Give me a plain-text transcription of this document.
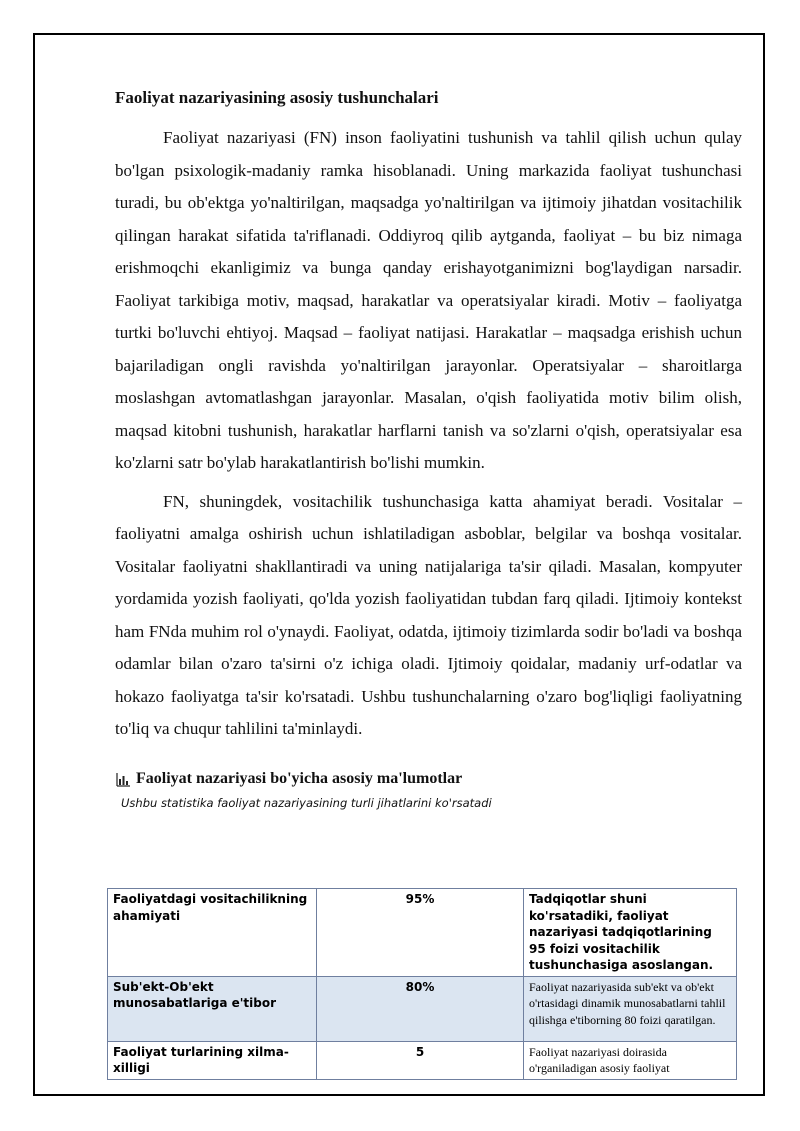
Faoliyat nazariyasining asosiy tushunchalari

Faoliyat nazariyasi (FN) inson faoliyatini tushunish va tahlil qilish uchun qulay bo'lgan psixologik-madaniy ramka hisoblanadi. Uning markazida faoliyat tushunchasi turadi, bu ob'ektga yo'naltirilgan, maqsadga yo'naltirilgan va ijtimoiy jihatdan vositachilik qilingan harakat sifatida ta'riflanadi. Oddiyroq qilib aytganda, faoliyat – bu biz nimaga erishmoqchi ekanligimiz va bunga qanday erishayotganimizni bog'laydigan narsadir. Faoliyat tarkibiga motiv, maqsad, harakatlar va operatsiyalar kiradi. Motiv – faoliyatga turtki bo'luvchi ehtiyoj. Maqsad – faoliyat natijasi. Harakatlar – maqsadga erishish uchun bajariladigan ongli ravishda yo'naltirilgan jarayonlar. Operatsiyalar – sharoitlarga moslashgan avtomatlashgan jarayonlar. Masalan, o'qish faoliyatida motiv bilim olish, maqsad kitobni tushunish, harakatlar harflarni tanish va so'zlarni o'qish, operatsiyalar esa ko'zlarni satr bo'ylab harakatlantirish bo'lishi mumkin.

FN, shuningdek, vositachilik tushunchasiga katta ahamiyat beradi. Vositalar – faoliyatni amalga oshirish uchun ishlatiladigan asboblar, belgilar va boshqa vositalar. Vositalar faoliyatni shakllantiradi va uning natijalariga ta'sir qiladi. Masalan, kompyuter yordamida yozish faoliyati, qo'lda yozish faoliyatidan tubdan farq qiladi. Ijtimoiy kontekst ham FNda muhim rol o'ynaydi. Faoliyat, odatda, ijtimoiy tizimlarda sodir bo'ladi va boshqa odamlar bilan o'zaro ta'sirni o'z ichiga oladi. Ijtimoiy qoidalar, madaniy urf-odatlar va hokazo faoliyatga ta'sir ko'rsatadi. Ushbu tushunchalarning o'zaro bog'liqligi faoliyatning to'liq va chuqur tahlilini ta'minlaydi.

Faoliyat nazariyasi bo'yicha asosiy ma'lumotlar
Ushbu statistika faoliyat nazariyasining turli jihatlarini ko'rsatadi
Faoliyatdagi vositachilikning ahamiyati	95%	Tadqiqotlar shuni ko'rsatadiki, faoliyat nazariyasi tadqiqotlarining 95 foizi vositachilik tushunchasiga asoslangan.
Sub'ekt-Ob'ekt munosabatlariga e'tibor	80%	Faoliyat nazariyasida sub'ekt va ob'ekt o'rtasidagi dinamik munosabatlarni tahlil qilishga e'tiborning 80 foizi qaratilgan.
Faoliyat turlarining xilma-xilligi	5	Faoliyat nazariyasi doirasida o'rganiladigan asosiy faoliyat
